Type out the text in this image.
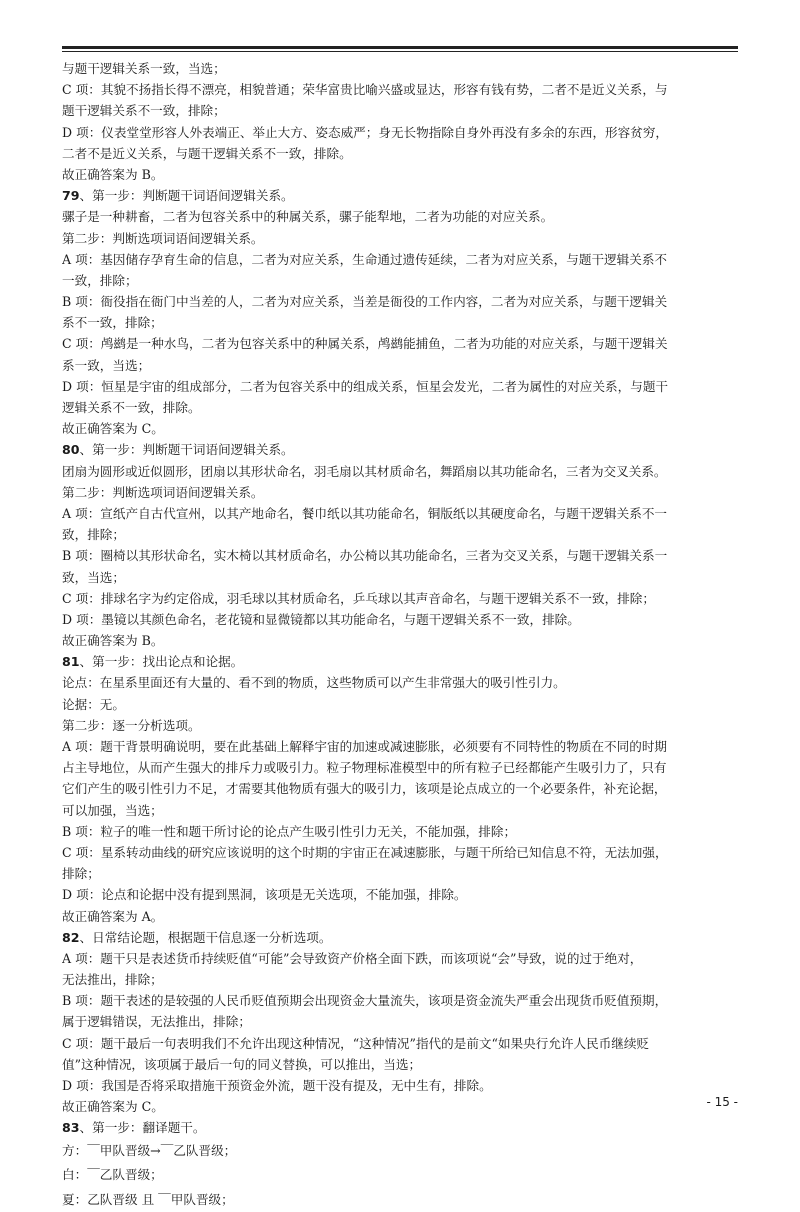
与题干逻辑关系一致，当选；
C 项：其貌不扬指长得不漂亮，相貌普通；荣华富贵比喻兴盛或显达，形容有钱有势，二者不是近义关系，与
题干逻辑关系不一致，排除；
D 项：仪表堂堂形容人外表端正、举止大方、姿态威严；身无长物指除自身外再没有多余的东西，形容贫穷，
二者不是近义关系，与题干逻辑关系不一致，排除。
故正确答案为 B。
79、第一步：判断题干词语间逻辑关系。
骡子是一种耕畜，二者为包容关系中的种属关系，骡子能犁地，二者为功能的对应关系。
第二步：判断选项词语间逻辑关系。
A 项：基因储存孕育生命的信息，二者为对应关系，生命通过遗传延续，二者为对应关系，与题干逻辑关系不
一致，排除；
B 项：衙役指在衙门中当差的人，二者为对应关系，当差是衙役的工作内容，二者为对应关系，与题干逻辑关
系不一致，排除；
C 项：鸬鹚是一种水鸟，二者为包容关系中的种属关系，鸬鹚能捕鱼，二者为功能的对应关系，与题干逻辑关
系一致，当选；
D 项：恒星是宇宙的组成部分，二者为包容关系中的组成关系，恒星会发光，二者为属性的对应关系，与题干
逻辑关系不一致，排除。
故正确答案为 C。
80、第一步：判断题干词语间逻辑关系。
团扇为圆形或近似圆形，团扇以其形状命名，羽毛扇以其材质命名，舞蹈扇以其功能命名，三者为交叉关系。
第二步：判断选项词语间逻辑关系。
A 项：宣纸产自古代宣州，以其产地命名，餐巾纸以其功能命名，铜版纸以其硬度命名，与题干逻辑关系不一
致，排除；
B 项：圈椅以其形状命名，实木椅以其材质命名，办公椅以其功能命名，三者为交叉关系，与题干逻辑关系一
致，当选；
C 项：排球名字为约定俗成，羽毛球以其材质命名，乒乓球以其声音命名，与题干逻辑关系不一致，排除；
D 项：墨镜以其颜色命名，老花镜和显微镜都以其功能命名，与题干逻辑关系不一致，排除。
故正确答案为 B。
81、第一步：找出论点和论据。
论点：在星系里面还有大量的、看不到的物质，这些物质可以产生非常强大的吸引性引力。
论据：无。
第二步：逐一分析选项。
A 项：题干背景明确说明，要在此基础上解释宇宙的加速或减速膨胀，必须要有不同特性的物质在不同的时期
占主导地位，从而产生强大的排斥力或吸引力。粒子物理标准模型中的所有粒子已经都能产生吸引力了，只有
它们产生的吸引性引力不足，才需要其他物质有强大的吸引力，该项是论点成立的一个必要条件，补充论据，
可以加强，当选；
B 项：粒子的唯一性和题干所讨论的论点产生吸引性引力无关，不能加强，排除；
C 项：星系转动曲线的研究应该说明的这个时期的宇宙正在减速膨胀，与题干所给已知信息不符，无法加强，
排除；
D 项：论点和论据中没有提到黑洞，该项是无关选项，不能加强，排除。
故正确答案为 A。
82、日常结论题，根据题干信息逐一分析选项。
A 项：题干只是表述货币持续贬值“可能”会导致资产价格全面下跌，而该项说“会”导致，说的过于绝对，
无法推出，排除；
B 项：题干表述的是较强的人民币贬值预期会出现资金大量流失，该项是资金流失严重会出现货币贬值预期，
属于逻辑错误，无法推出，排除；
C 项：题干最后一句表明我们不允许出现这种情况，“这种情况”指代的是前文“如果央行允许人民币继续贬
值”这种情况，该项属于最后一句的同义替换，可以推出，当选；
D 项：我国是否将采取措施干预资金外流，题干没有提及，无中生有，排除。
故正确答案为 C。
83、第一步：翻译题干。
方：￣甲队晋级→￣乙队晋级；
白：￣乙队晋级；
夏：乙队晋级 且 ￣甲队晋级；
- 15 -
